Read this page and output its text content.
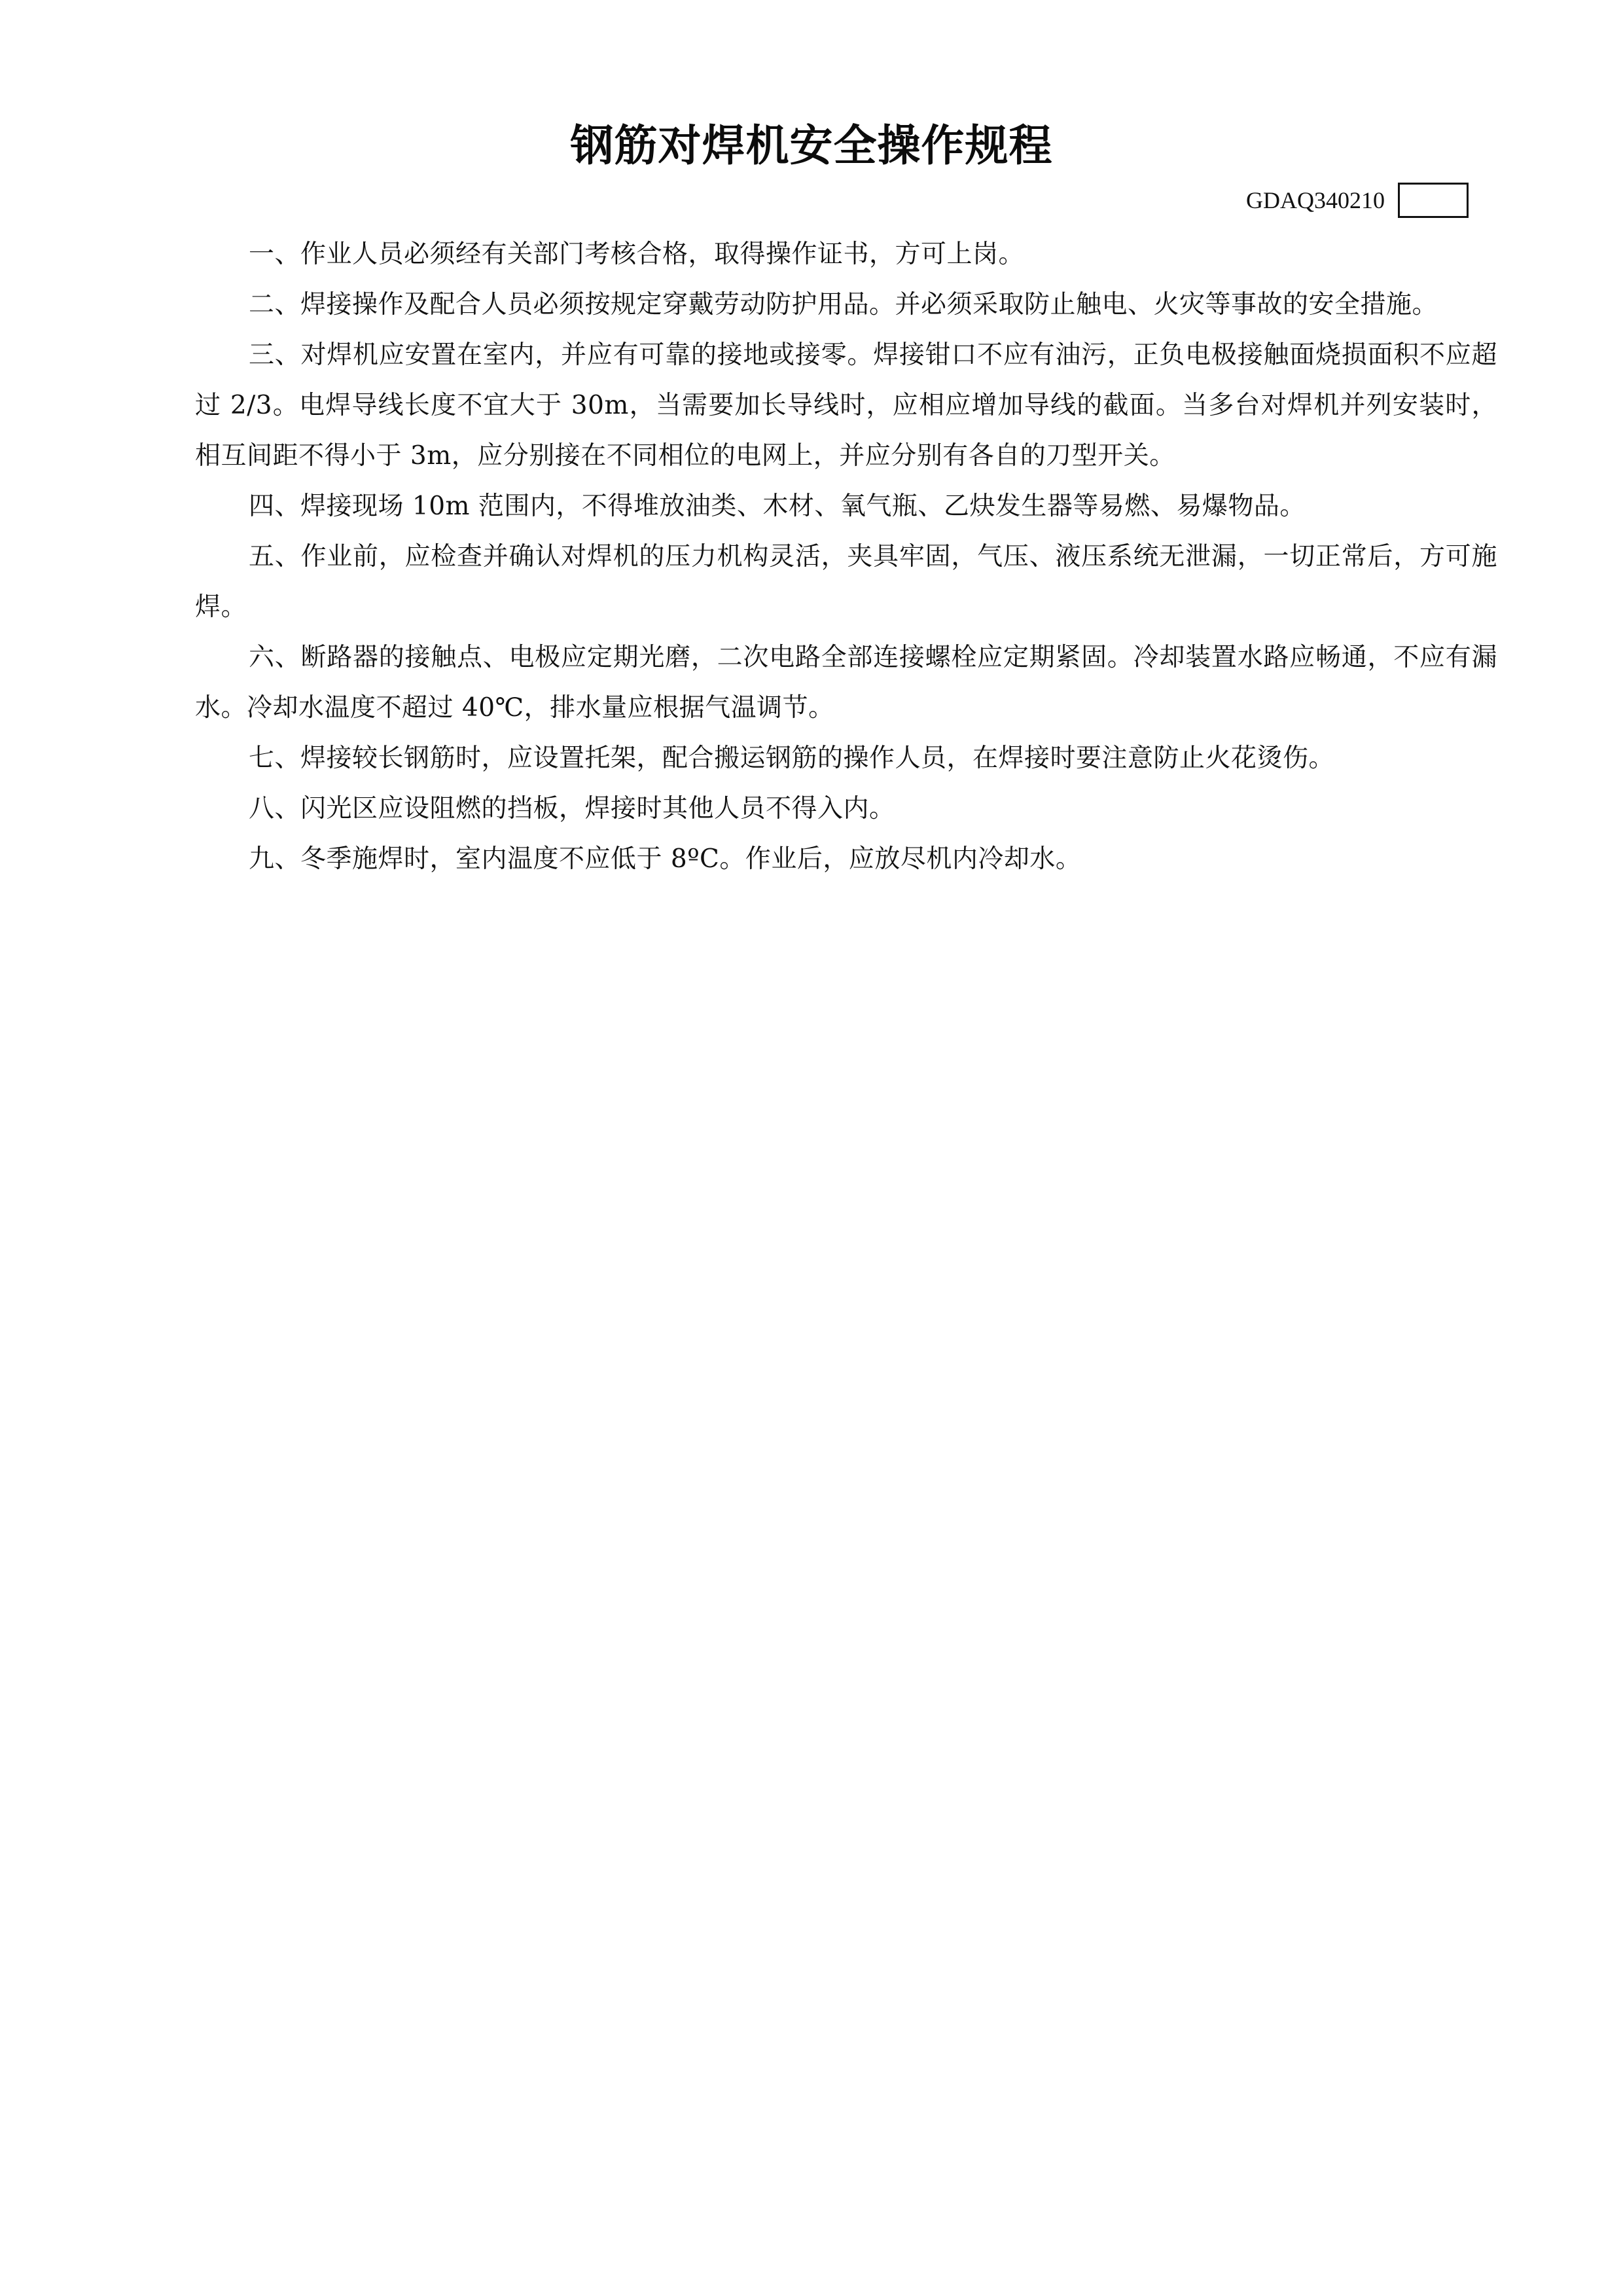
钢筋对焊机安全操作规程
GDAQ340210

一、作业人员必须经有关部门考核合格，取得操作证书，方可上岗。

二、焊接操作及配合人员必须按规定穿戴劳动防护用品。并必须采取防止触电、火灾等事故的安全措施。

三、对焊机应安置在室内，并应有可靠的接地或接零。焊接钳口不应有油污，正负电极接触面烧损面积不应超过 2/3。电焊导线长度不宜大于 30m，当需要加长导线时，应相应增加导线的截面。当多台对焊机并列安装时，相互间距不得小于 3m，应分别接在不同相位的电网上，并应分别有各自的刀型开关。

四、焊接现场 10m 范围内，不得堆放油类、木材、氧气瓶、乙炔发生器等易燃、易爆物品。

五、作业前，应检查并确认对焊机的压力机构灵活，夹具牢固，气压、液压系统无泄漏，一切正常后，方可施焊。

六、断路器的接触点、电极应定期光磨，二次电路全部连接螺栓应定期紧固。冷却装置水路应畅通，不应有漏水。冷却水温度不超过 40℃，排水量应根据气温调节。

七、焊接较长钢筋时，应设置托架，配合搬运钢筋的操作人员，在焊接时要注意防止火花烫伤。

八、闪光区应设阻燃的挡板，焊接时其他人员不得入内。

九、冬季施焊时，室内温度不应低于 8ºC。作业后，应放尽机内冷却水。
